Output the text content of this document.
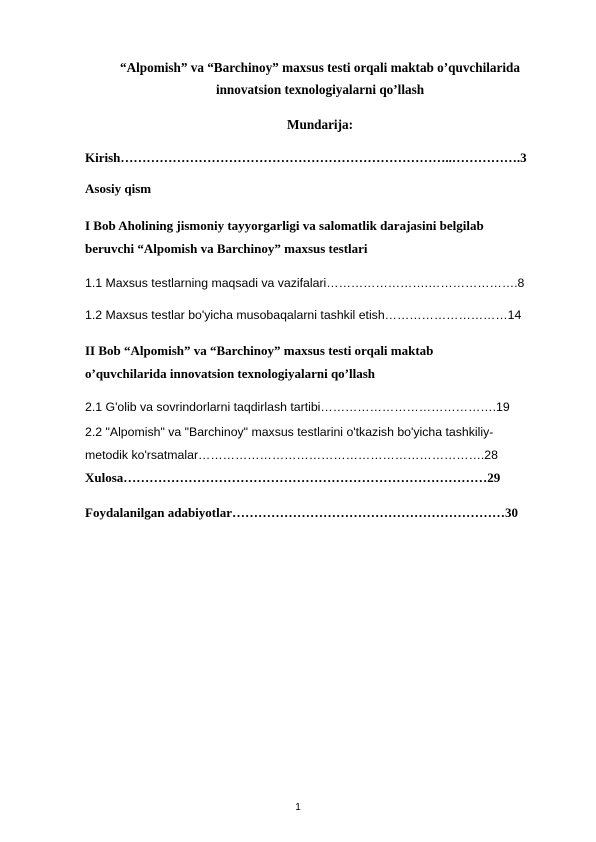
“Alpomish” va “Barchinoy” maxsus testi orqali maktab o’quvchilarida
innovatsion texnologiyalarni qo’llash
Mundarija:
Kirish…………………………………………………………………..…………….3
Asosiy qism
I Bob Aholining jismoniy tayyorgarligi va salomatlik darajasini belgilab
beruvchi “Alpomish va Barchinoy” maxsus testlari
1.1 Maxsus testlarning maqsadi va vazifalari…………………….………………….8
1.2 Maxsus testlar bo'yicha musobaqalarni tashkil etish…………………………14
II Bob “Alpomish” va “Barchinoy” maxsus testi orqali maktab
o’quvchilarida innovatsion texnologiyalarni qo’llash
2.1 G'olib va sovrindorlarni taqdirlash tartibi…………………………………….19
2.2 "Alpomish" va "Barchinoy" maxsus testlarini o'tkazish bo'yicha tashkiliy-
metodik ko'rsatmalar…………………………………………………………….28
Xulosa…………………………………………………………………………29
Foydalanilgan adabiyotlar………………………………………………………30
1
